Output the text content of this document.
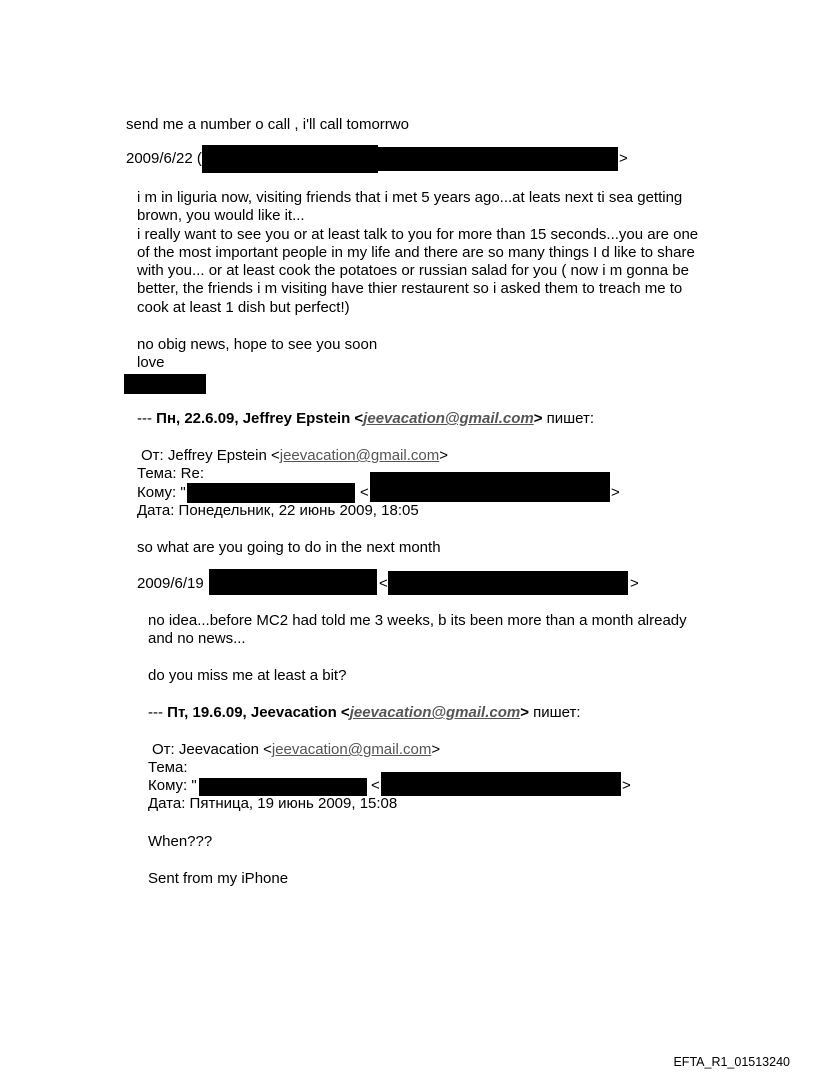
send me a number o call , i'll call tomorrwo
2009/6/22 (	>
i m in liguria now, visiting friends that i met 5 years ago...at leats next ti sea getting
brown, you would like it...
i really want to see you or at least talk to you for more than 15 seconds...you are one
of the most important people in my life and there are so many things I d like to share
with you... or at least cook the potatoes or russian salad for you ( now i m gonna be
better, the friends i m visiting have thier restaurent so i asked them to treach me to
cook at least 1 dish but perfect!)
no obig news, hope to see you soon
love
--- Пн, 22.6.09, Jeffrey Epstein <jeevacation@gmail.com> пишет:
От: Jeffrey Epstein <jeevacation@gmail.com>
Тема: Re:
Кому: "	<	>
Дата: Понедельник, 22 июнь 2009, 18:05
so what are you going to do in the next month
2009/6/19	<	>
no idea...before MC2 had told me 3 weeks, b its been more than a month already
and no news...
do you miss me at least a bit?
--- Пт, 19.6.09, Jeevacation <jeevacation@gmail.com> пишет:
От: Jeevacation <jeevacation@gmail.com>
Тема:
Кому: "	<	>
Дата: Пятница, 19 июнь 2009, 15:08
When???
Sent from my iPhone
EFTA_R1_01513240
